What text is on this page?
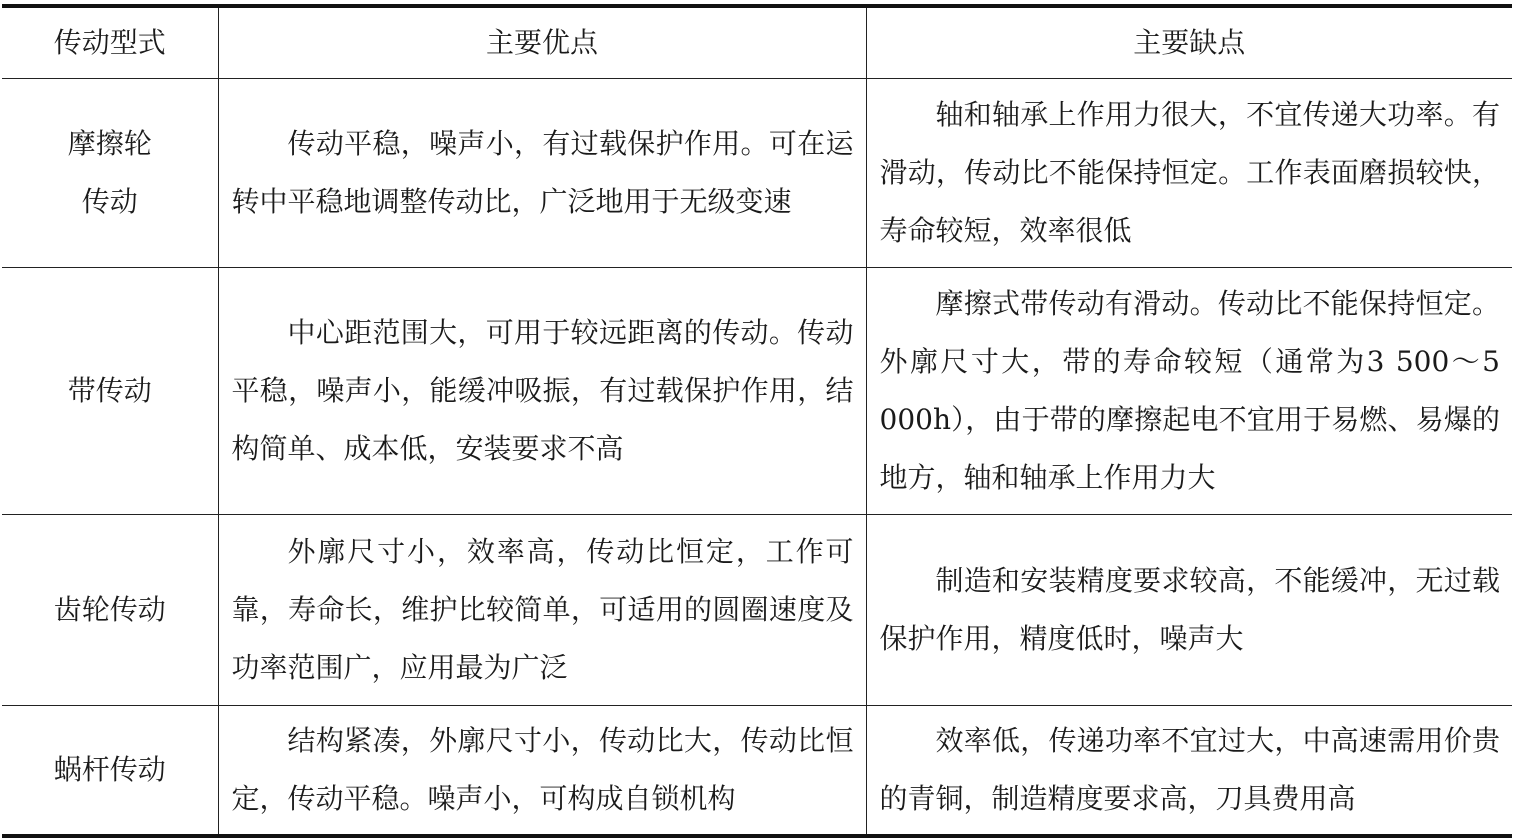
传动型式	主要优点	主要缺点

摩擦轮
传动	传动平稳，噪声小，有过载保护作用。可在运转中平稳地调整传动比，广泛地用于无级变速	轴和轴承上作用力很大，不宜传递大功率。有滑动，传动比不能保持恒定。工作表面磨损较快，寿命较短，效率很低

带传动	中心距范围大，可用于较远距离的传动。传动平稳，噪声小，能缓冲吸振，有过载保护作用，结构简单、成本低，安装要求不高	摩擦式带传动有滑动。传动比不能保持恒定。外廓尺寸大，带的寿命较短（通常为3 500～5 000h），由于带的摩擦起电不宜用于易燃、易爆的地方，轴和轴承上作用力大

齿轮传动	外廓尺寸小，效率高，传动比恒定，工作可靠，寿命长，维护比较简单，可适用的圆圈速度及功率范围广，应用最为广泛	制造和安装精度要求较高，不能缓冲，无过载保护作用，精度低时，噪声大

蜗杆传动	结构紧凑，外廓尺寸小，传动比大，传动比恒定，传动平稳。噪声小，可构成自锁机构	效率低，传递功率不宜过大，中高速需用价贵的青铜，制造精度要求高，刀具费用高
